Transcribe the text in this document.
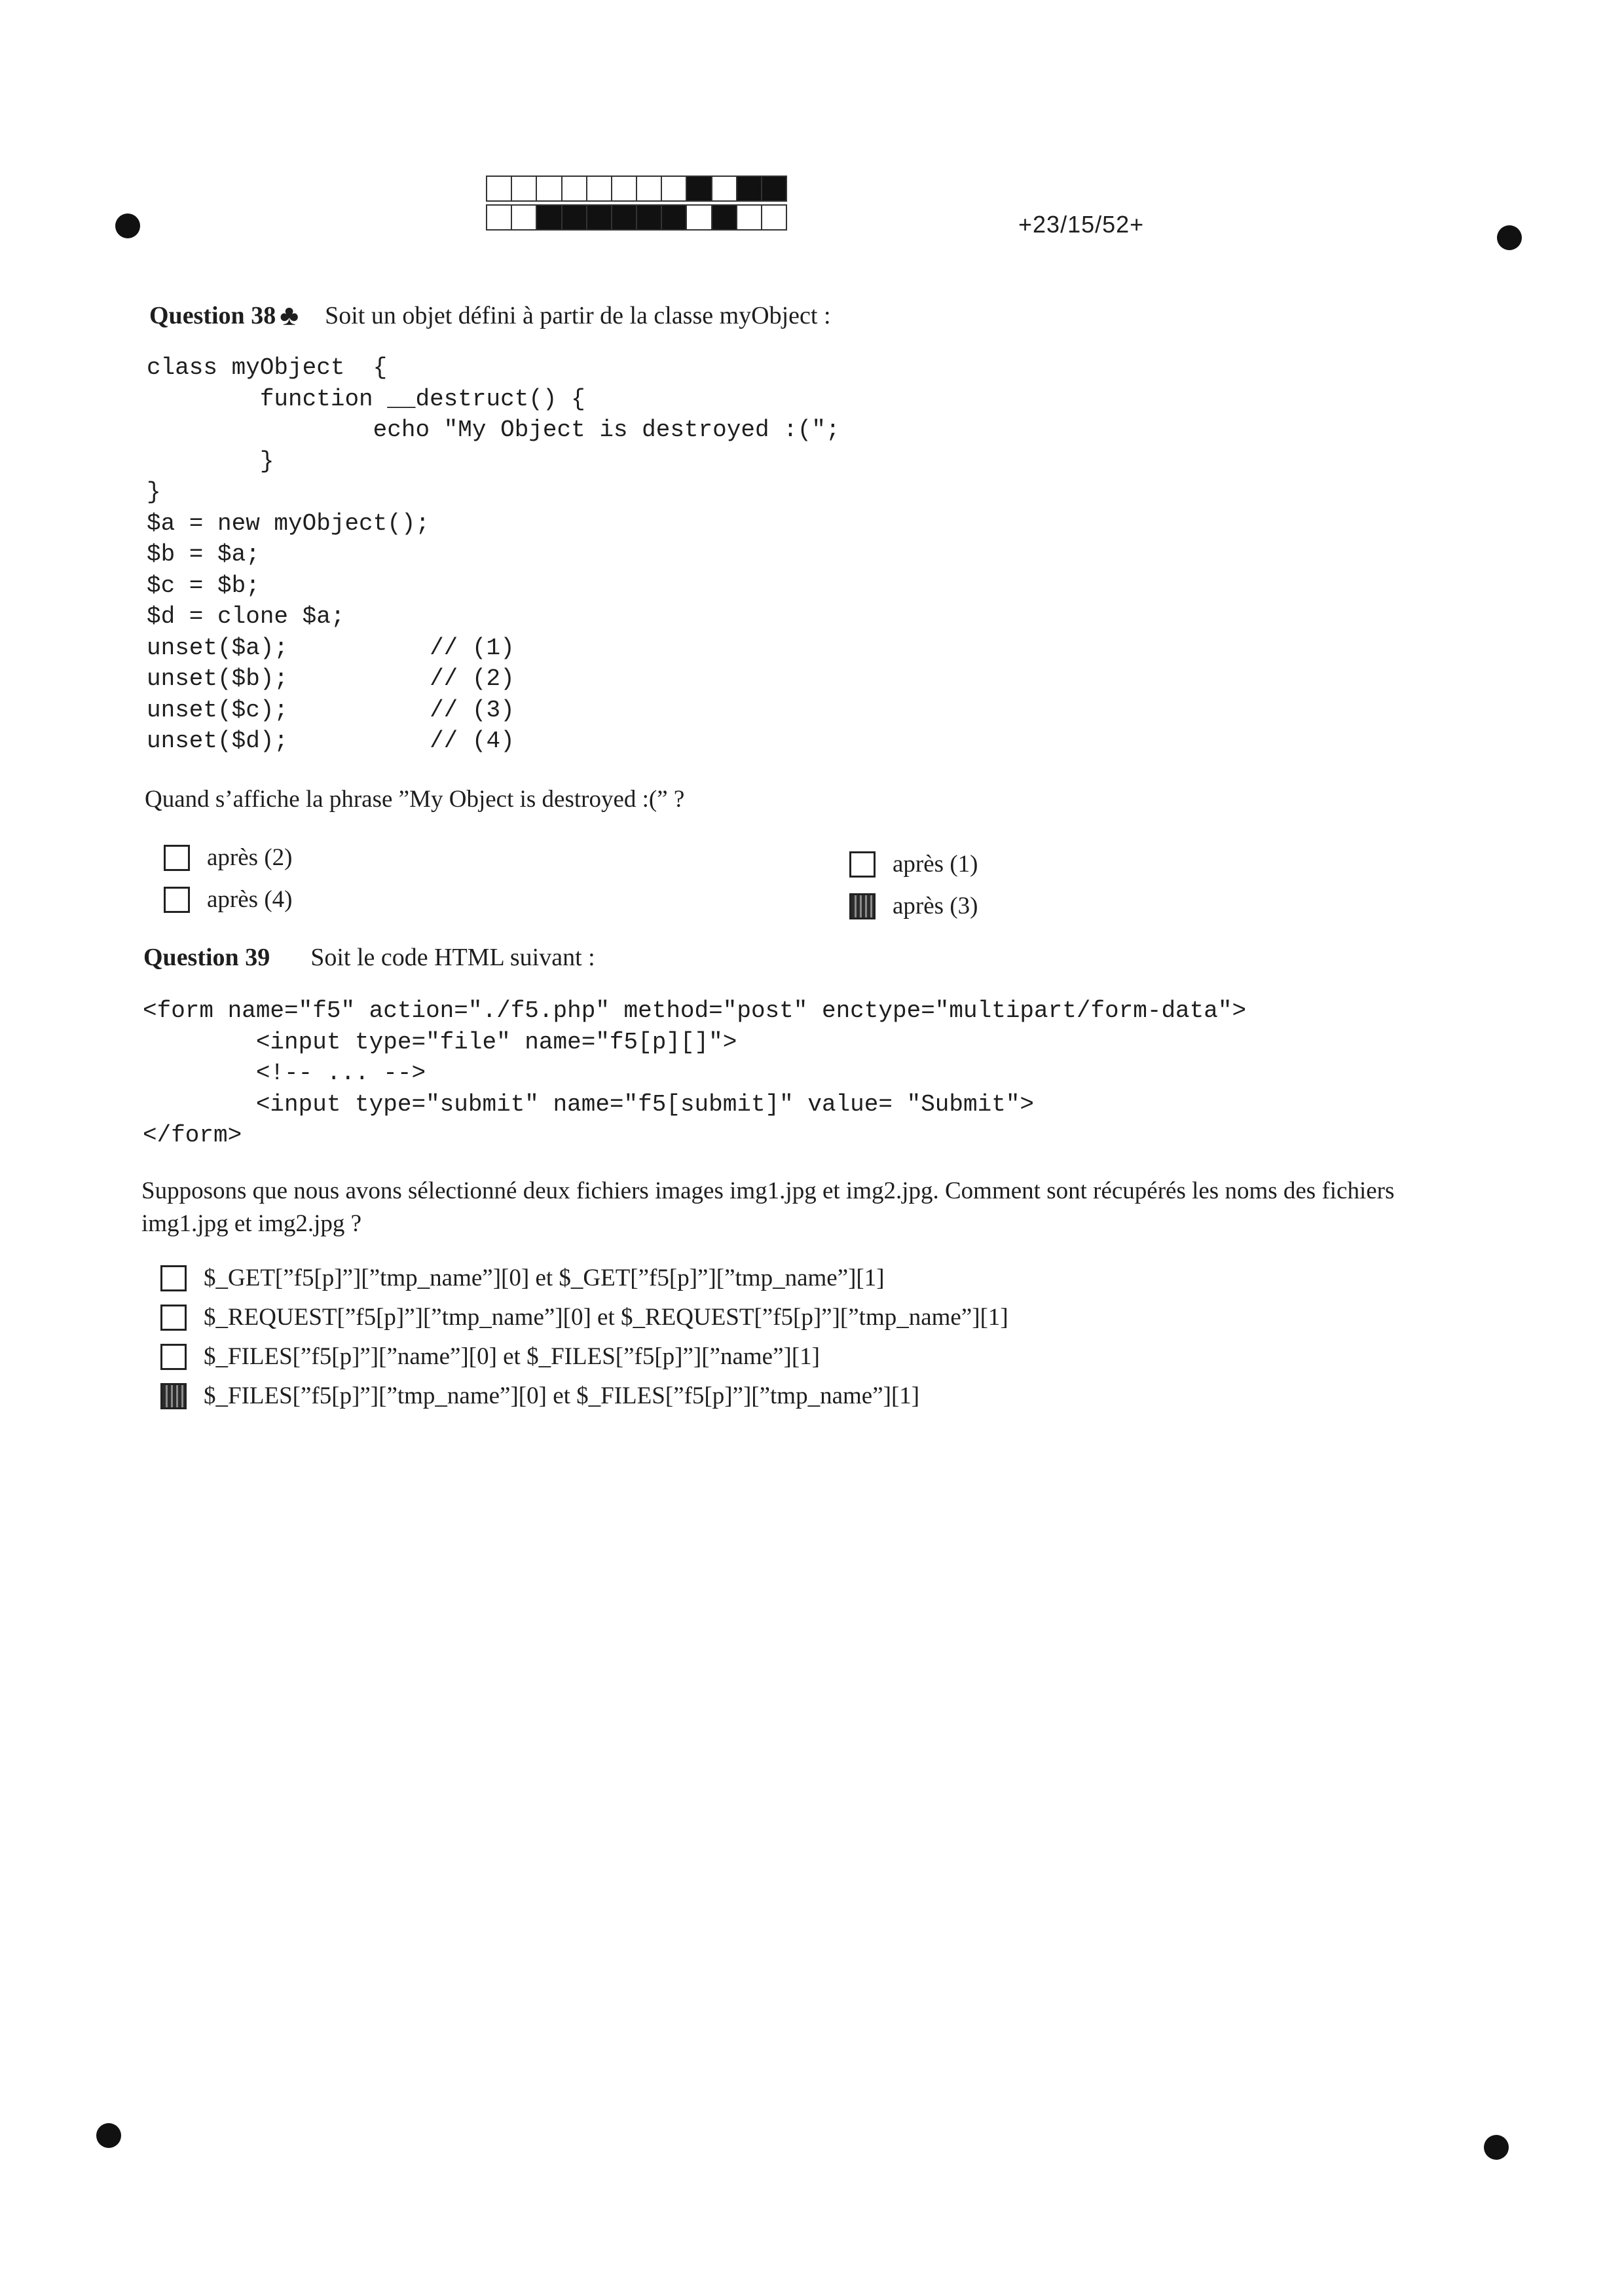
+23/15/52+
Question 38 ♣ Soit un objet défini à partir de la classe myObject :
class myObject  {
function __destruct() {
echo "My Object is destroyed :(";
}
}
$a = new myObject();
$b = $a;
$c = $b;
$d = clone $a;
unset($a);          // (1)
unset($b);          // (2)
unset($c);          // (3)
unset($d);          // (4)
Quand s’affiche la phrase ”My Object is destroyed :(” ?
après (2)
après (4)
après (1)
après (3)
Question 39 Soit le code HTML suivant :
<form name="f5" action="./f5.php" method="post" enctype="multipart/form-data">
<input type="file" name="f5[p][]">
<!-- ... -->
<input type="submit" name="f5[submit]" value= "Submit">
</form>
Supposons que nous avons sélectionné deux fichiers images img1.jpg et img2.jpg. Comment sont récupérés les noms des fichiers img1.jpg et img2.jpg ?
$_GET[”f5[p]”][”tmp_name”][0] et $_GET[”f5[p]”][”tmp_name”][1]
$_REQUEST[”f5[p]”][”tmp_name”][0] et $_REQUEST[”f5[p]”][”tmp_name”][1]
$_FILES[”f5[p]”][”name”][0] et $_FILES[”f5[p]”][”name”][1]
$_FILES[”f5[p]”][”tmp_name”][0] et $_FILES[”f5[p]”][”tmp_name”][1]
